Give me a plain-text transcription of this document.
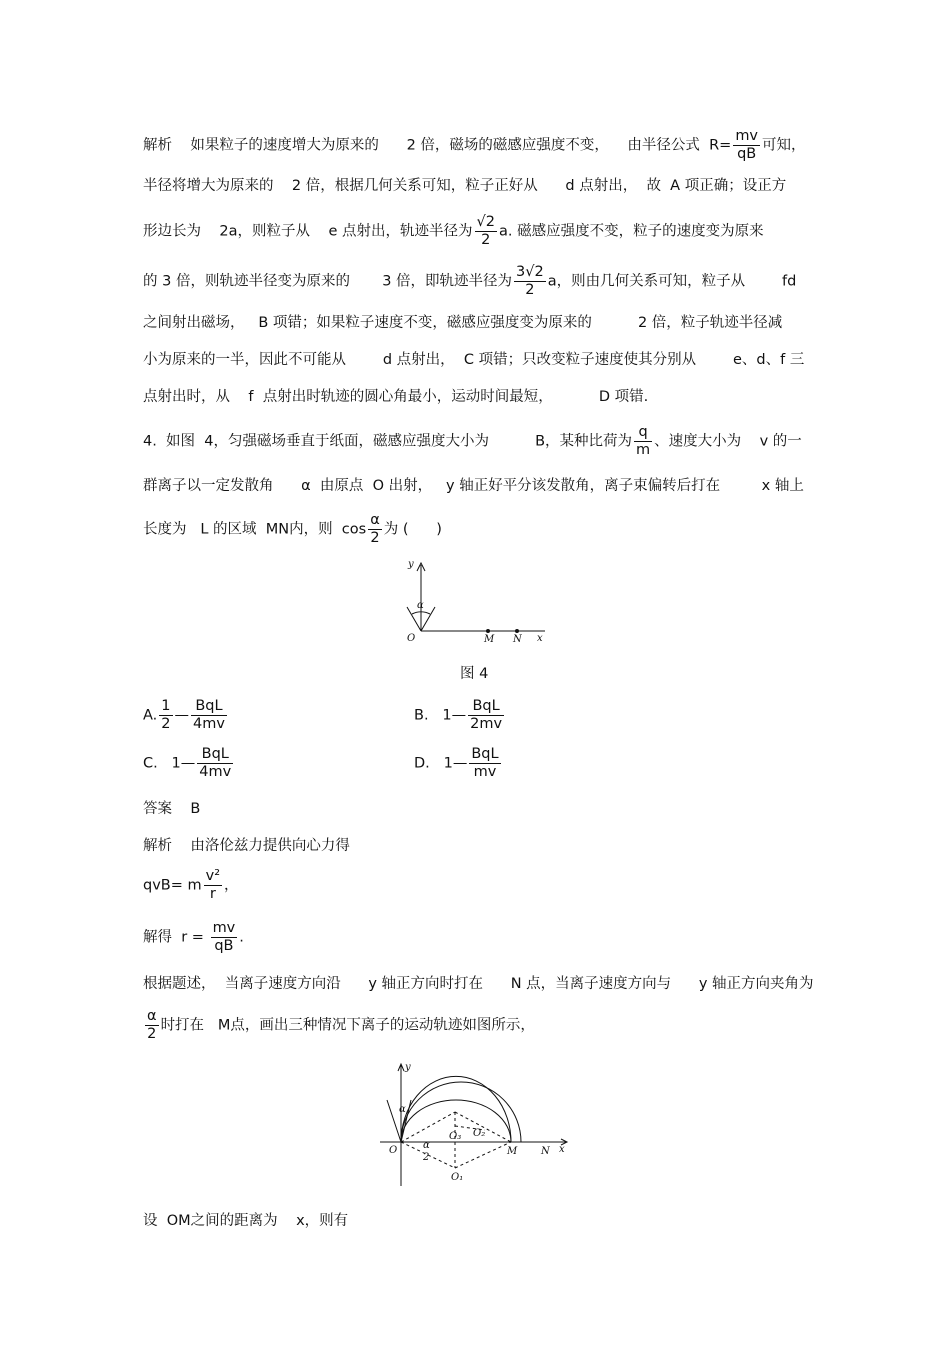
解析    如果粒子的速度增大为原来的      2 倍，磁场的磁感应强度不变，    由半径公式  $R= \frac{mv}{qB}$ 可知，
半径将增大为原来的    2 倍，根据几何关系可知，粒子正好从      d 点射出，  故  A 项正确；设正方
形边长为    2a，则粒子从    e 点射出，轨迹半径为 $\frac{√2}{2} a$. 磁感应强度不变，粒子的速度变为原来
的 3 倍，则轨迹半径变为原来的       3 倍，即轨迹半径为 $\frac{3√2}{2}$ a，则由几何关系可知，粒子从        fd
之间射出磁场，   B 项错；如果粒子速度不变，磁感应强度变为原来的          2 倍，粒子轨迹半径减
小为原来的一半，因此不可能从        d 点射出，  C 项错；只改变粒子速度使其分别从        e、d、f 三
点射出时，从    f  点射出时轨迹的圆心角最小，运动时间最短，          D 项错.
4.  如图  4，匀强磁场垂直于纸面，磁感应强度大小为          B，某种比荷为 $\frac{q}{m}$ 、速度大小为    v 的一
群离子以一定发散角      α  由原点  O 出射，   y 轴正好平分该发散角，离子束偏转后打在         x 轴上
长度为   L 的区域  MN内，则  $\cos \frac{\alpha}{2}$ 为 (      )
y
α
O	M N x
图 4
A. $\frac{1}{2}$ — $\frac{\text{BqL}}{4mv}$	B.   1— $\frac{\text{BqL}}{2mv}$
C.   1— $\frac{\text{BqL}}{4mv}$	D.   1— $\frac{\text{BqL}}{mv}$
答案    B
解析    由洛伦兹力提供向心力得
qvB= m $\frac{\text{v²}}{r}$ ，
解得  $r = \frac{mv}{qB}$ .
根据题述，  当离子速度方向沿      y 轴正方向时打在      N 点，当离子速度方向与      y 轴正方向夹角为
$\frac{\alpha}{2}$ 时打在   M点，画出三种情况下离子的运动轨迹如图所示，
y
α
O
O₃ O₂
O₁
α
2
M N x
设  OM之间的距离为    x，则有
